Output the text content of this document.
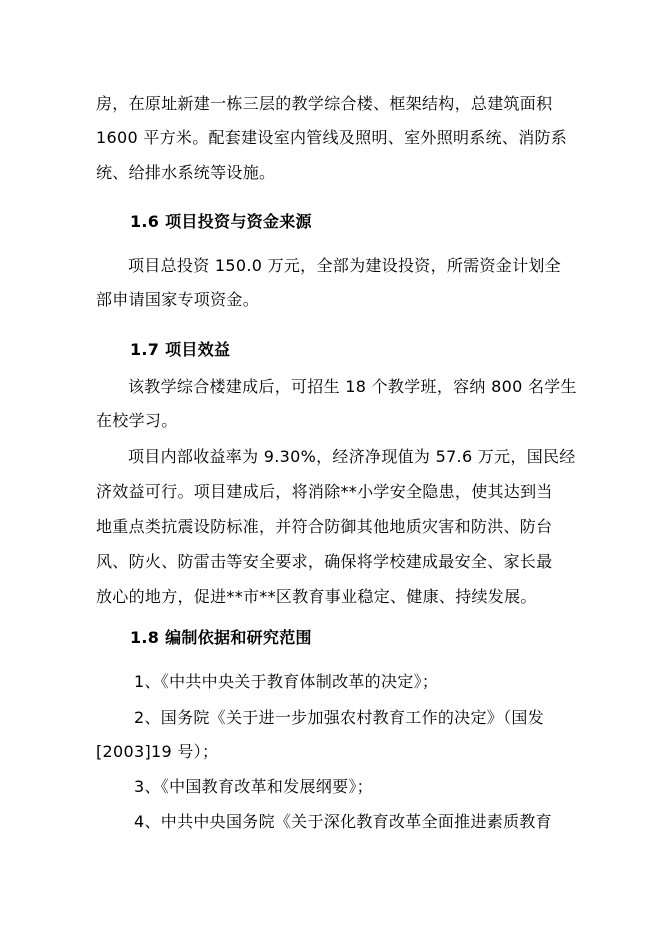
房，在原址新建一栋三层的教学综合楼、框架结构，总建筑面积
1600 平方米。配套建设室内管线及照明、室外照明系统、消防系
统、给排水系统等设施。
1.6 项目投资与资金来源
项目总投资 150.0 万元，全部为建设投资，所需资金计划全
部申请国家专项资金。
1.7 项目效益
该教学综合楼建成后，可招生 18 个教学班，容纳 800 名学生
在校学习。
项目内部收益率为 9.30%，经济净现值为 57.6 万元，国民经
济效益可行。项目建成后，将消除**小学安全隐患，使其达到当
地重点类抗震设防标准，并符合防御其他地质灾害和防洪、防台
风、防火、防雷击等安全要求，确保将学校建成最安全、家长最
放心的地方，促进**市**区教育事业稳定、健康、持续发展。
1.8 编制依据和研究范围
1、《中共中央关于教育体制改革的决定》；
2、国务院《关于进一步加强农村教育工作的决定》（国发
[2003]19 号）；
3、《中国教育改革和发展纲要》；
4、中共中央国务院《关于深化教育改革全面推进素质教育
